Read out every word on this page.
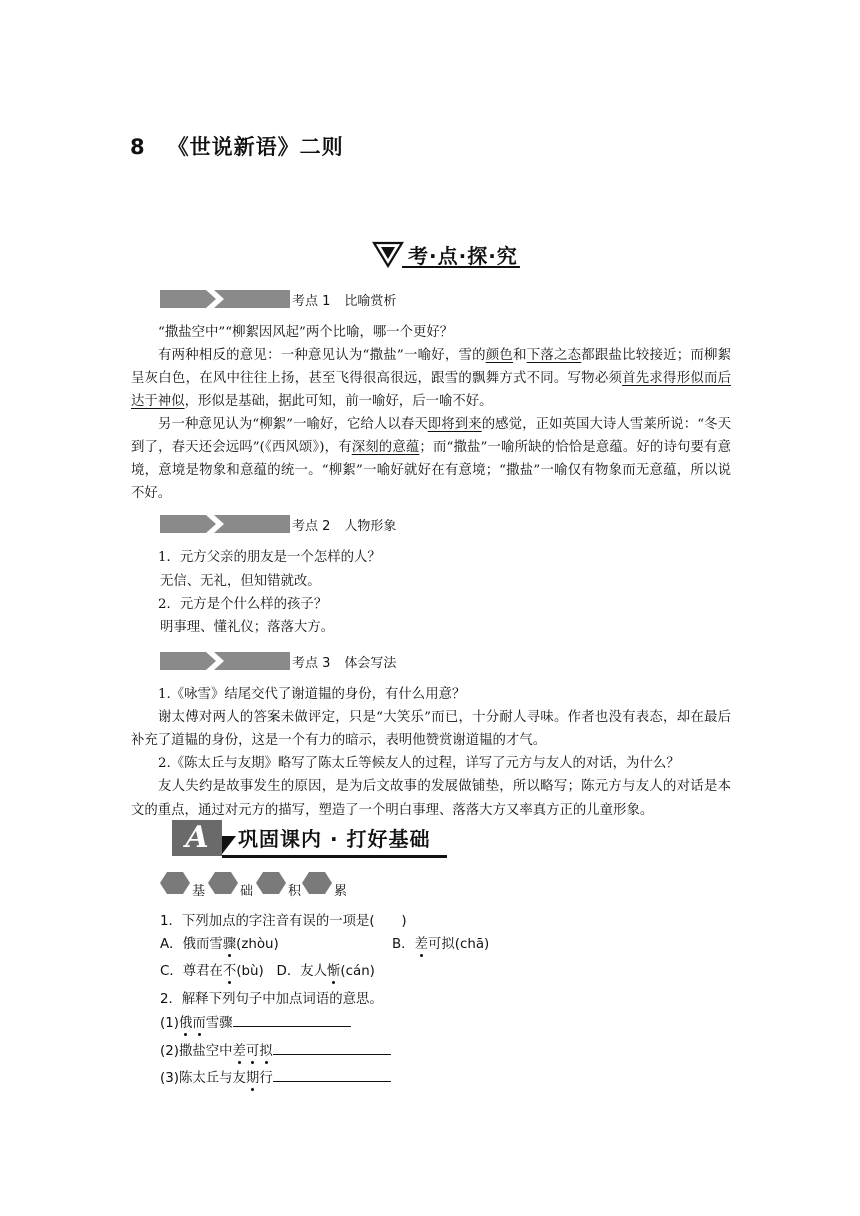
8 《世说新语》二则
考·点·探·究
考点 1 比喻赏析
“撒盐空中”“柳絮因风起”两个比喻，哪一个更好？
有两种相反的意见：一种意见认为“撒盐”一喻好，雪的颜色和下落之态都跟盐比较接近；而柳絮呈灰白色，在风中往往上扬，甚至飞得很高很远，跟雪的飘舞方式不同。写物必须首先求得形似而后达于神似，形似是基础，据此可知，前一喻好，后一喻不好。
另一种意见认为“柳絮”一喻好，它给人以春天即将到来的感觉，正如英国大诗人雪莱所说：“冬天到了，春天还会远吗”(《西风颂》)，有深刻的意蕴；而“撒盐”一喻所缺的恰恰是意蕴。好的诗句要有意境，意境是物象和意蕴的统一。“柳絮”一喻好就好在有意境；“撒盐”一喻仅有物象而无意蕴，所以说不好。
考点 2 人物形象
1．元方父亲的朋友是一个怎样的人？
无信、无礼，但知错就改。
2．元方是个什么样的孩子？
明事理、懂礼仪；落落大方。
考点 3 体会写法
1.《咏雪》结尾交代了谢道韫的身份，有什么用意？
谢太傅对两人的答案未做评定，只是“大笑乐”而已，十分耐人寻味。作者也没有表态，却在最后补充了道韫的身份，这是一个有力的暗示，表明他赞赏谢道韫的才气。
2.《陈太丘与友期》略写了陈太丘等候友人的过程，详写了元方与友人的对话，为什么？
友人失约是故事发生的原因，是为后文故事的发展做铺垫，所以略写；陈元方与友人的对话是本文的重点，通过对元方的描写，塑造了一个明白事理、落落大方又率真方正的儿童形象。
A	巩固课内 · 打好基础
基	础	积	累
1．下列加点的字注音有误的一项是(　　)
A．俄而雪骤(zhòu)	B．差可拟(chā)
C．尊君在不(bù) D．友人惭(cán)
2．解释下列句子中加点词语的意思。
(1)俄而雪骤
(2)撒盐空中差可拟
(3)陈太丘与友期行
